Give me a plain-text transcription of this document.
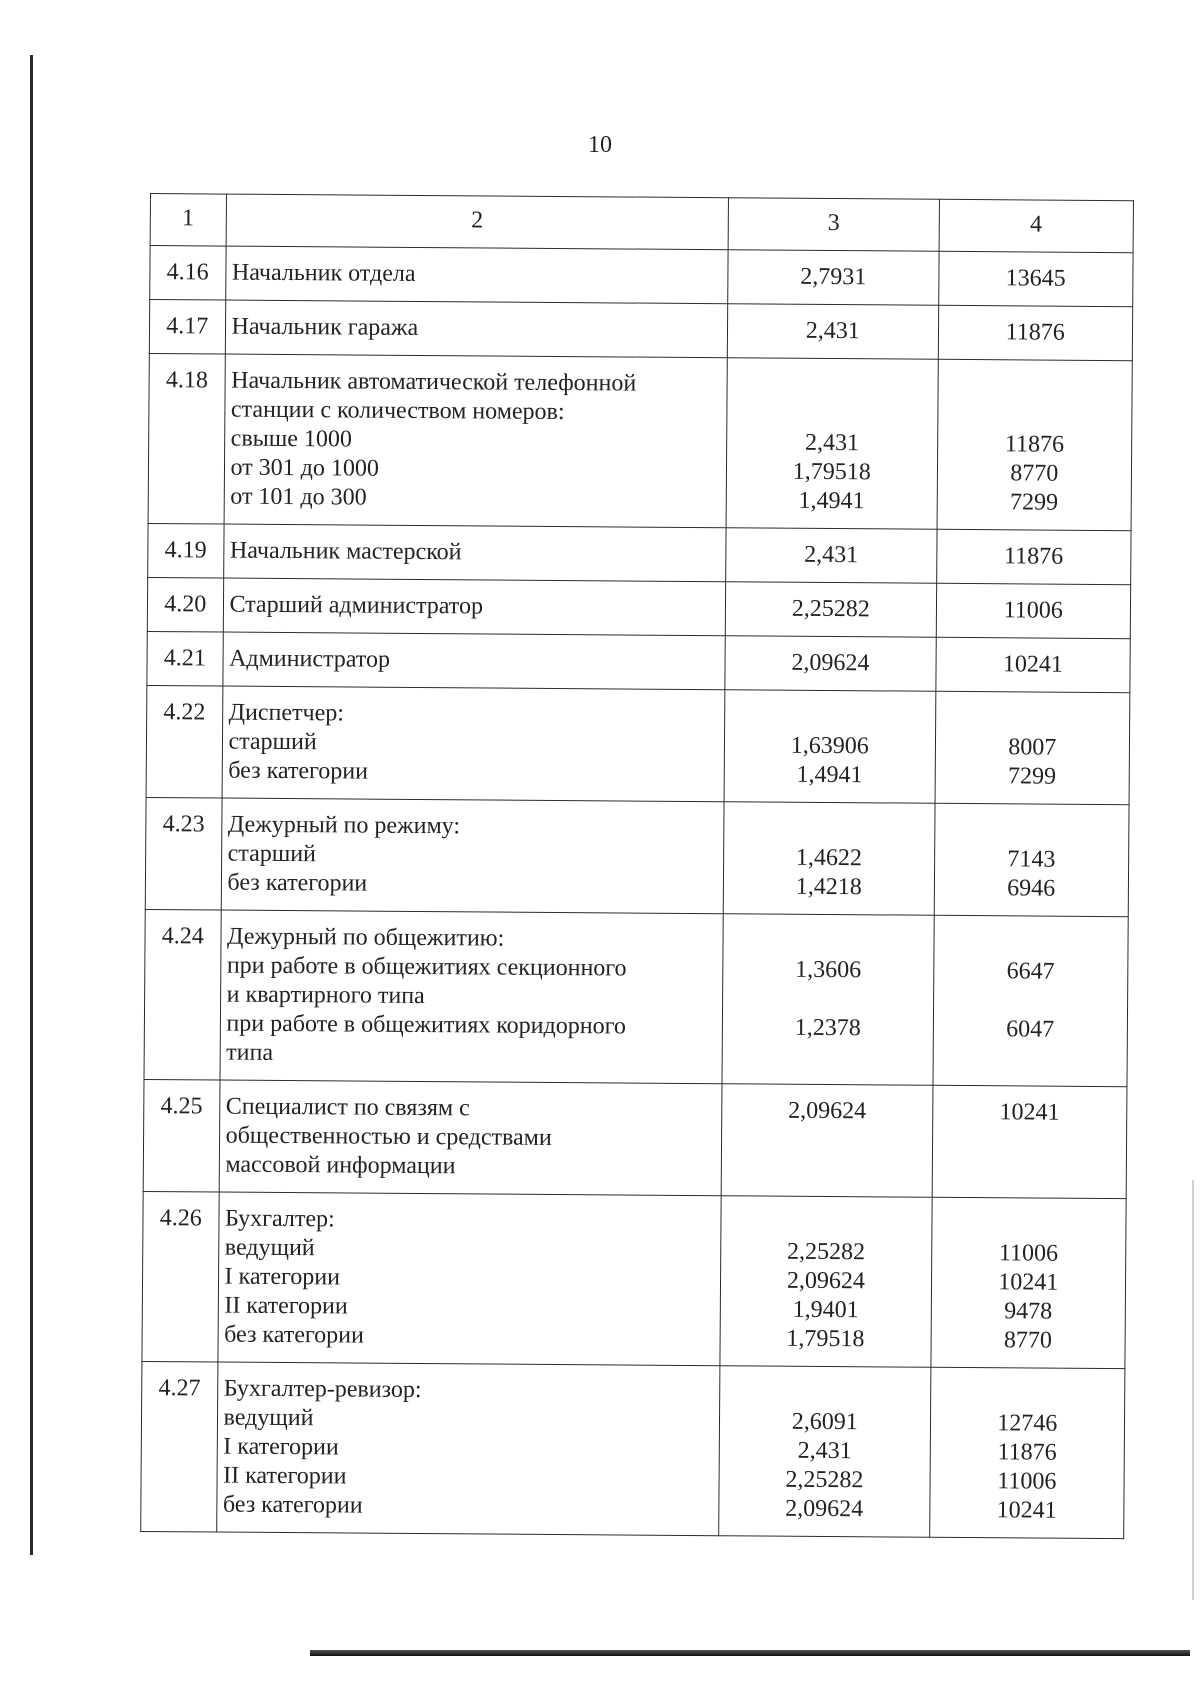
10
1	2	3	4
4.16	Начальник отдела	2,7931	13645

4.17	Начальник гаража	2,431	11876

4.18	Начальник автоматической телефонной
станции с количеством номеров:
свыше 1000
от 301 до 1000
от 101 до 300	2,431
1,79518
1,4941	11876
8770
7299

4.19	Начальник мастерской	2,431	11876

4.20	Старший администратор	2,25282	11006

4.21	Администратор	2,09624	10241

4.22	Диспетчер:
старший
без категории	1,63906
1,4941	8007
7299

4.23	Дежурный по режиму:
старший
без категории	1,4622
1,4218	7143
6946

4.24	Дежурный по общежитию:
при работе в общежитиях секционного
и квартирного типа
при работе в общежитиях коридорного
типа	1,3606
1,2378	6647
6047

4.25	Специалист по связям с
общественностью и средствами
массовой информации	2,09624	10241

4.26	Бухгалтер:
ведущий
I категории
II категории
без категории	2,25282
2,09624
1,9401
1,79518	11006
10241
9478
8770

4.27	Бухгалтер-ревизор:
ведущий
I категории
II категории
без категории	2,6091
2,431
2,25282
2,09624	12746
11876
11006
10241
